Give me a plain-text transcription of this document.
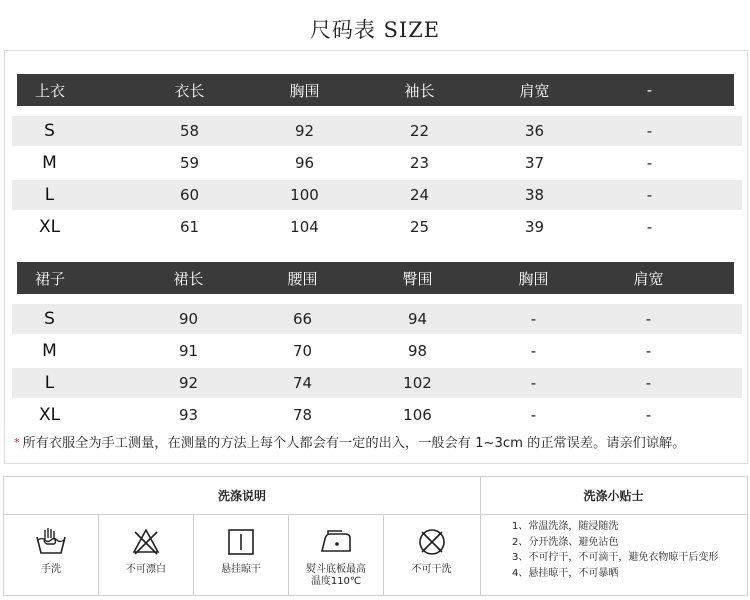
尺码表 SIZE
上衣	衣长	胸围	袖长	肩宽	-
S	58	92	22	36	-
M	59	96	23	37	-
L	60	100	24	38	-
XL	61	104	25	39	-
裙子	裙长	腰围	臀围	胸围	肩宽
S	90	66	94	-	-
M	91	70	98	-	-
L	92	74	102	-	-
XL	93	78	106	-	-
* 所有衣服全为手工测量，在测量的方法上每个人都会有一定的出入，一般会有 1~3cm 的正常误差。请亲们谅解。
洗涤说明	洗涤小贴士
手洗	不可漂白	悬挂晾干	熨斗底板最高
温度110℃
不可干洗
1、常温洗涤，随浸随洗
2、分开洗涤、避免沾色
3、不可拧干，不可滴干，避免衣物晾干后变形
4、悬挂晾干，不可暴晒
